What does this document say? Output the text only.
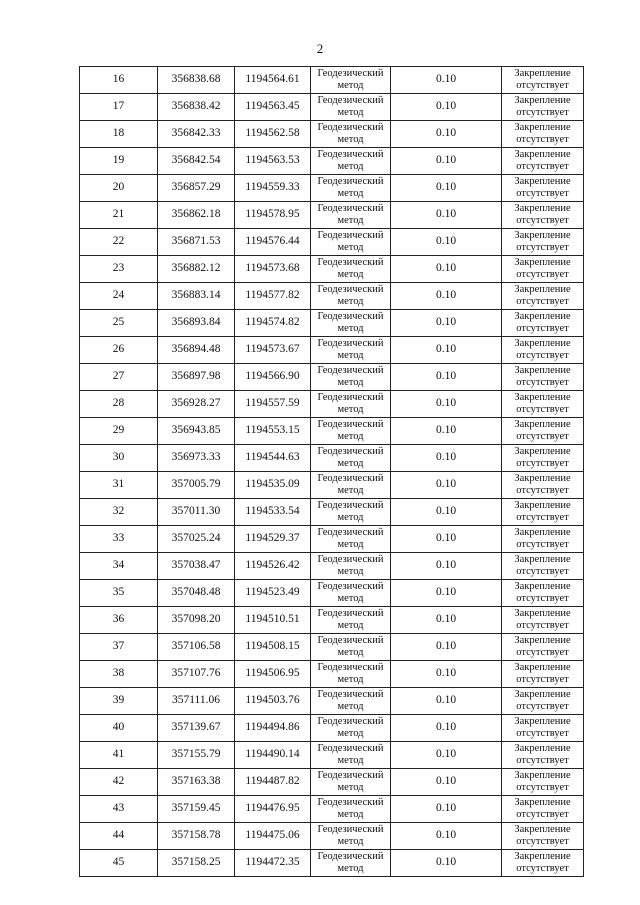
2
16	356838.68	1194564.61	Геодезический
метод	0.10	Закрепление
отсутствует

17	356838.42	1194563.45	Геодезический
метод	0.10	Закрепление
отсутствует

18	356842.33	1194562.58	Геодезический
метод	0.10	Закрепление
отсутствует

19	356842.54	1194563.53	Геодезический
метод	0.10	Закрепление
отсутствует

20	356857.29	1194559.33	Геодезический
метод	0.10	Закрепление
отсутствует

21	356862.18	1194578.95	Геодезический
метод	0.10	Закрепление
отсутствует

22	356871.53	1194576.44	Геодезический
метод	0.10	Закрепление
отсутствует

23	356882.12	1194573.68	Геодезический
метод	0.10	Закрепление
отсутствует

24	356883.14	1194577.82	Геодезический
метод	0.10	Закрепление
отсутствует

25	356893.84	1194574.82	Геодезический
метод	0.10	Закрепление
отсутствует

26	356894.48	1194573.67	Геодезический
метод	0.10	Закрепление
отсутствует

27	356897.98	1194566.90	Геодезический
метод	0.10	Закрепление
отсутствует

28	356928.27	1194557.59	Геодезический
метод	0.10	Закрепление
отсутствует

29	356943.85	1194553.15	Геодезический
метод	0.10	Закрепление
отсутствует

30	356973.33	1194544.63	Геодезический
метод	0.10	Закрепление
отсутствует

31	357005.79	1194535.09	Геодезический
метод	0.10	Закрепление
отсутствует

32	357011.30	1194533.54	Геодезический
метод	0.10	Закрепление
отсутствует

33	357025.24	1194529.37	Геодезический
метод	0.10	Закрепление
отсутствует

34	357038.47	1194526.42	Геодезический
метод	0.10	Закрепление
отсутствует

35	357048.48	1194523.49	Геодезический
метод	0.10	Закрепление
отсутствует

36	357098.20	1194510.51	Геодезический
метод	0.10	Закрепление
отсутствует

37	357106.58	1194508.15	Геодезический
метод	0.10	Закрепление
отсутствует

38	357107.76	1194506.95	Геодезический
метод	0.10	Закрепление
отсутствует

39	357111.06	1194503.76	Геодезический
метод	0.10	Закрепление
отсутствует

40	357139.67	1194494.86	Геодезический
метод	0.10	Закрепление
отсутствует

41	357155.79	1194490.14	Геодезический
метод	0.10	Закрепление
отсутствует

42	357163.38	1194487.82	Геодезический
метод	0.10	Закрепление
отсутствует

43	357159.45	1194476.95	Геодезический
метод	0.10	Закрепление
отсутствует

44	357158.78	1194475.06	Геодезический
метод	0.10	Закрепление
отсутствует

45	357158.25	1194472.35	Геодезический
метод	0.10	Закрепление
отсутствует
